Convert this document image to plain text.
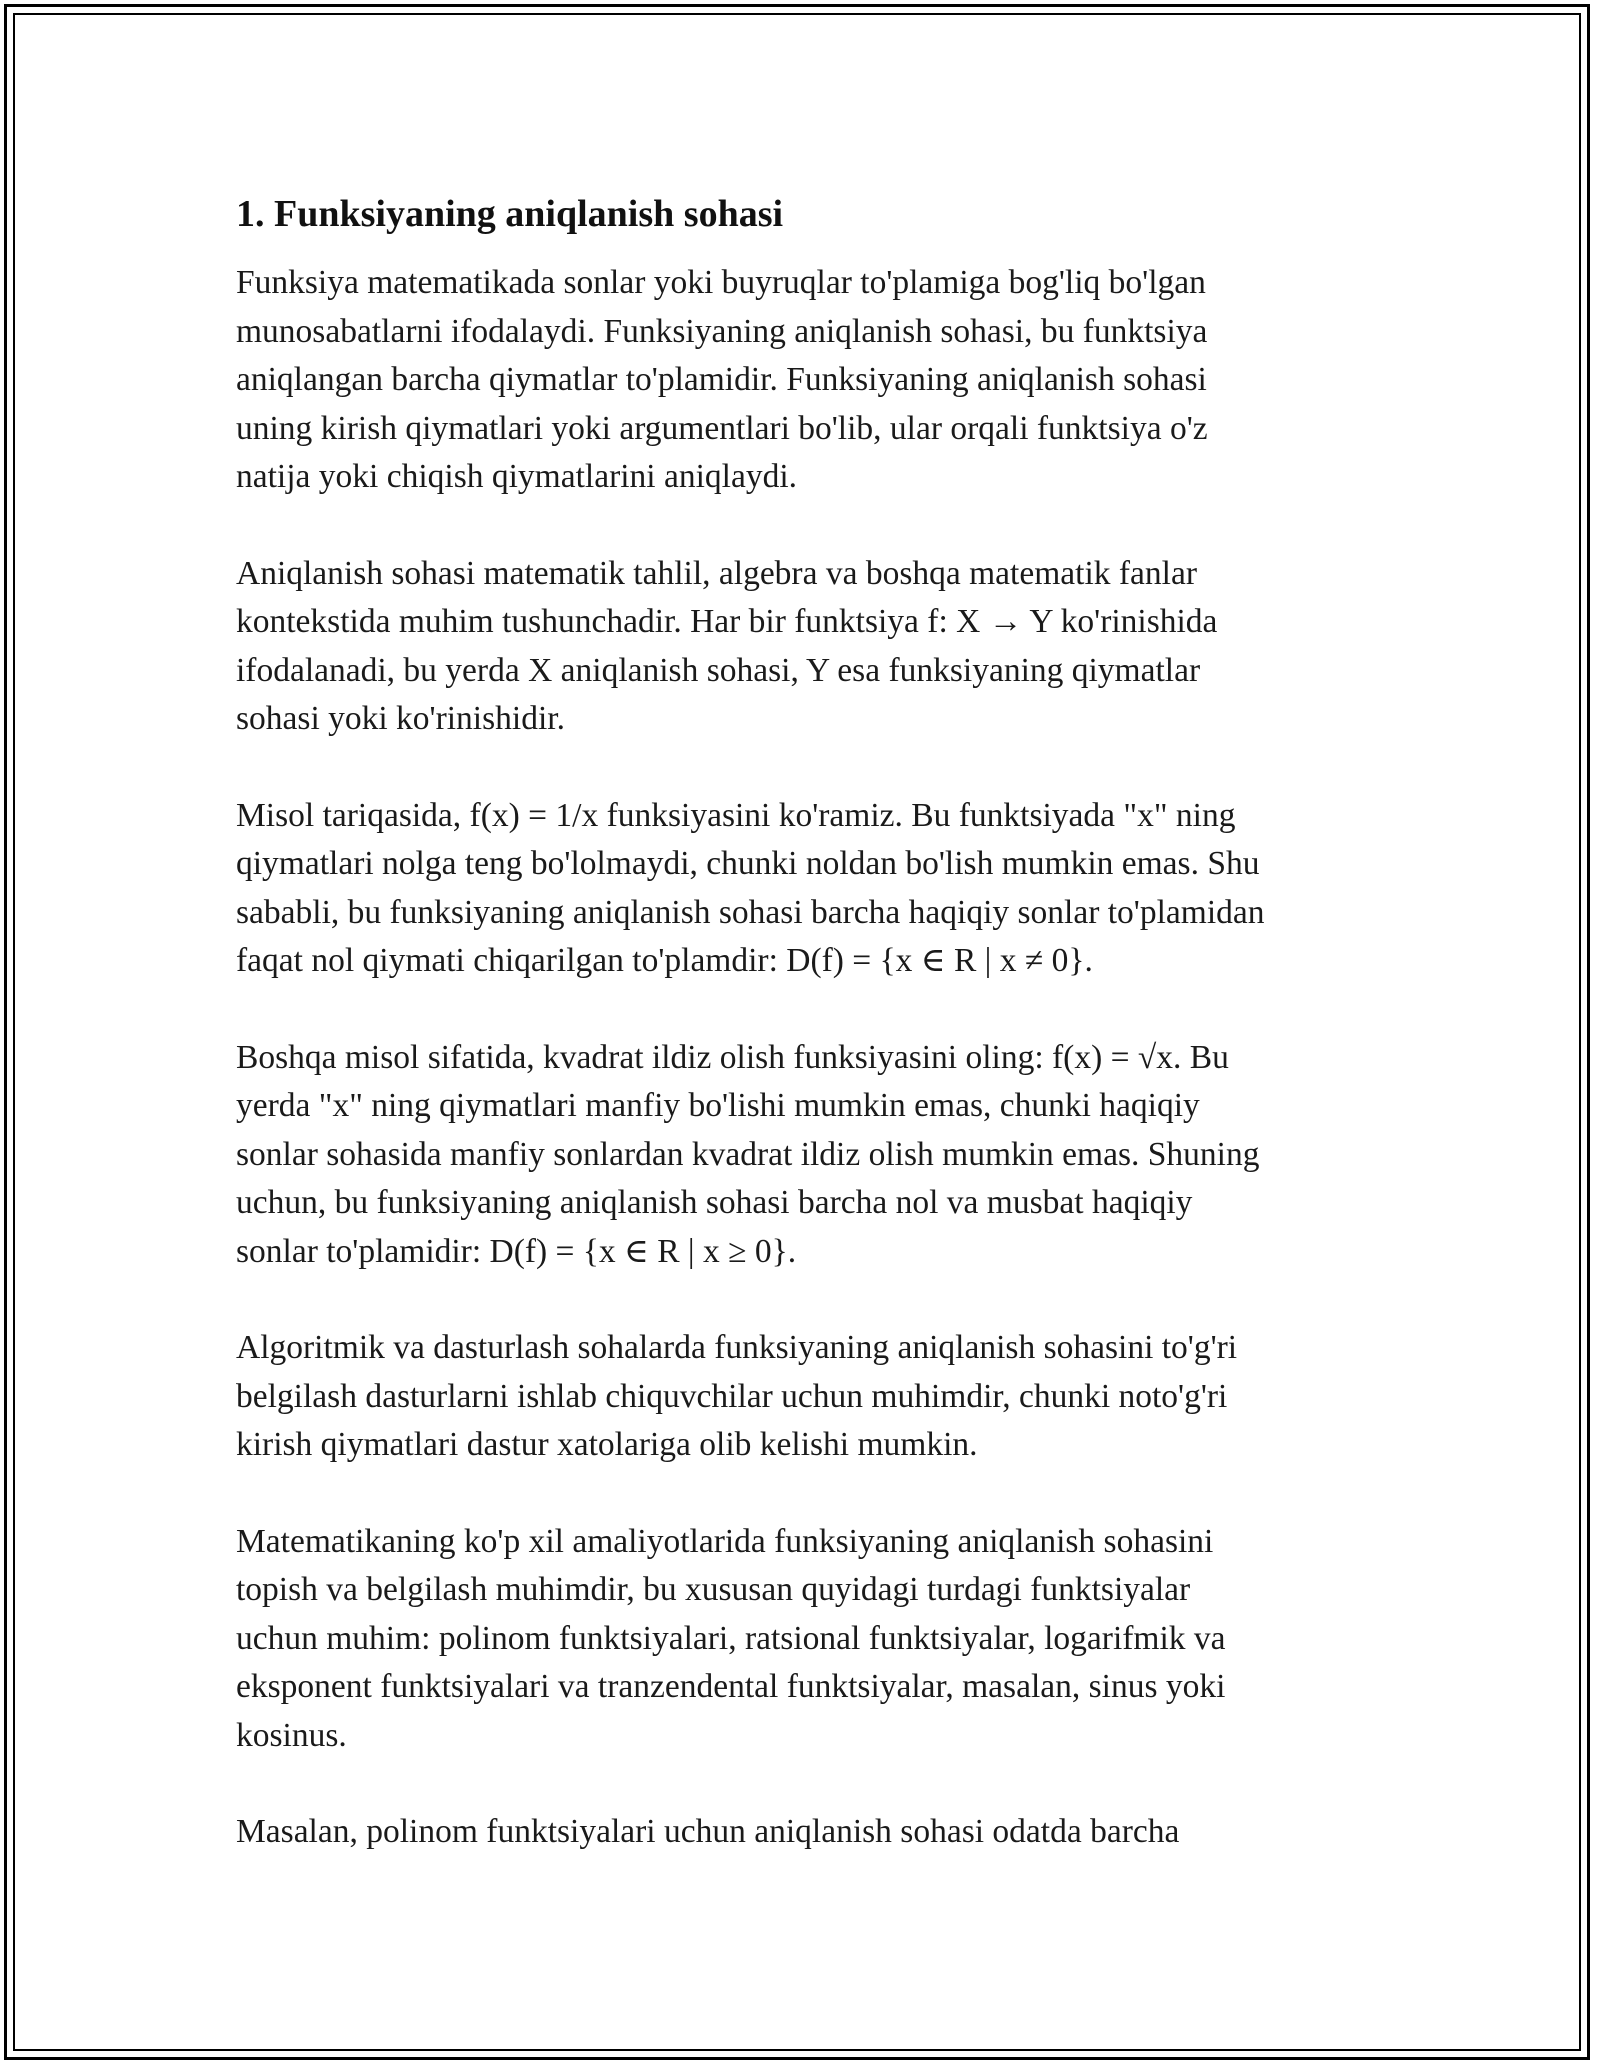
1. Funksiyaning aniqlanish sohasi
Funksiya matematikada sonlar yoki buyruqlar to'plamiga bog'liq bo'lgan
munosabatlarni ifodalaydi. Funksiyaning aniqlanish sohasi, bu funktsiya
aniqlangan barcha qiymatlar to'plamidir. Funksiyaning aniqlanish sohasi
uning kirish qiymatlari yoki argumentlari bo'lib, ular orqali funktsiya o'z
natija yoki chiqish qiymatlarini aniqlaydi.
Aniqlanish sohasi matematik tahlil, algebra va boshqa matematik fanlar
kontekstida muhim tushunchadir. Har bir funktsiya f: X → Y ko'rinishida
ifodalanadi, bu yerda X aniqlanish sohasi, Y esa funksiyaning qiymatlar
sohasi yoki ko'rinishidir.
Misol tariqasida, f(x) = 1/x funksiyasini ko'ramiz. Bu funktsiyada "x" ning
qiymatlari nolga teng bo'lolmaydi, chunki noldan bo'lish mumkin emas. Shu
sababli, bu funksiyaning aniqlanish sohasi barcha haqiqiy sonlar to'plamidan
faqat nol qiymati chiqarilgan to'plamdir: D(f) = {x ∈ R | x ≠ 0}.
Boshqa misol sifatida, kvadrat ildiz olish funksiyasini oling: f(x) = √x. Bu
yerda "x" ning qiymatlari manfiy bo'lishi mumkin emas, chunki haqiqiy
sonlar sohasida manfiy sonlardan kvadrat ildiz olish mumkin emas. Shuning
uchun, bu funksiyaning aniqlanish sohasi barcha nol va musbat haqiqiy
sonlar to'plamidir: D(f) = {x ∈ R | x ≥ 0}.
Algoritmik va dasturlash sohalarda funksiyaning aniqlanish sohasini to'g'ri
belgilash dasturlarni ishlab chiquvchilar uchun muhimdir, chunki noto'g'ri
kirish qiymatlari dastur xatolariga olib kelishi mumkin.
Matematikaning ko'p xil amaliyotlarida funksiyaning aniqlanish sohasini
topish va belgilash muhimdir, bu xususan quyidagi turdagi funktsiyalar
uchun muhim: polinom funktsiyalari, ratsional funktsiyalar, logarifmik va
eksponent funktsiyalari va tranzendental funktsiyalar, masalan, sinus yoki
kosinus.
Masalan, polinom funktsiyalari uchun aniqlanish sohasi odatda barcha
